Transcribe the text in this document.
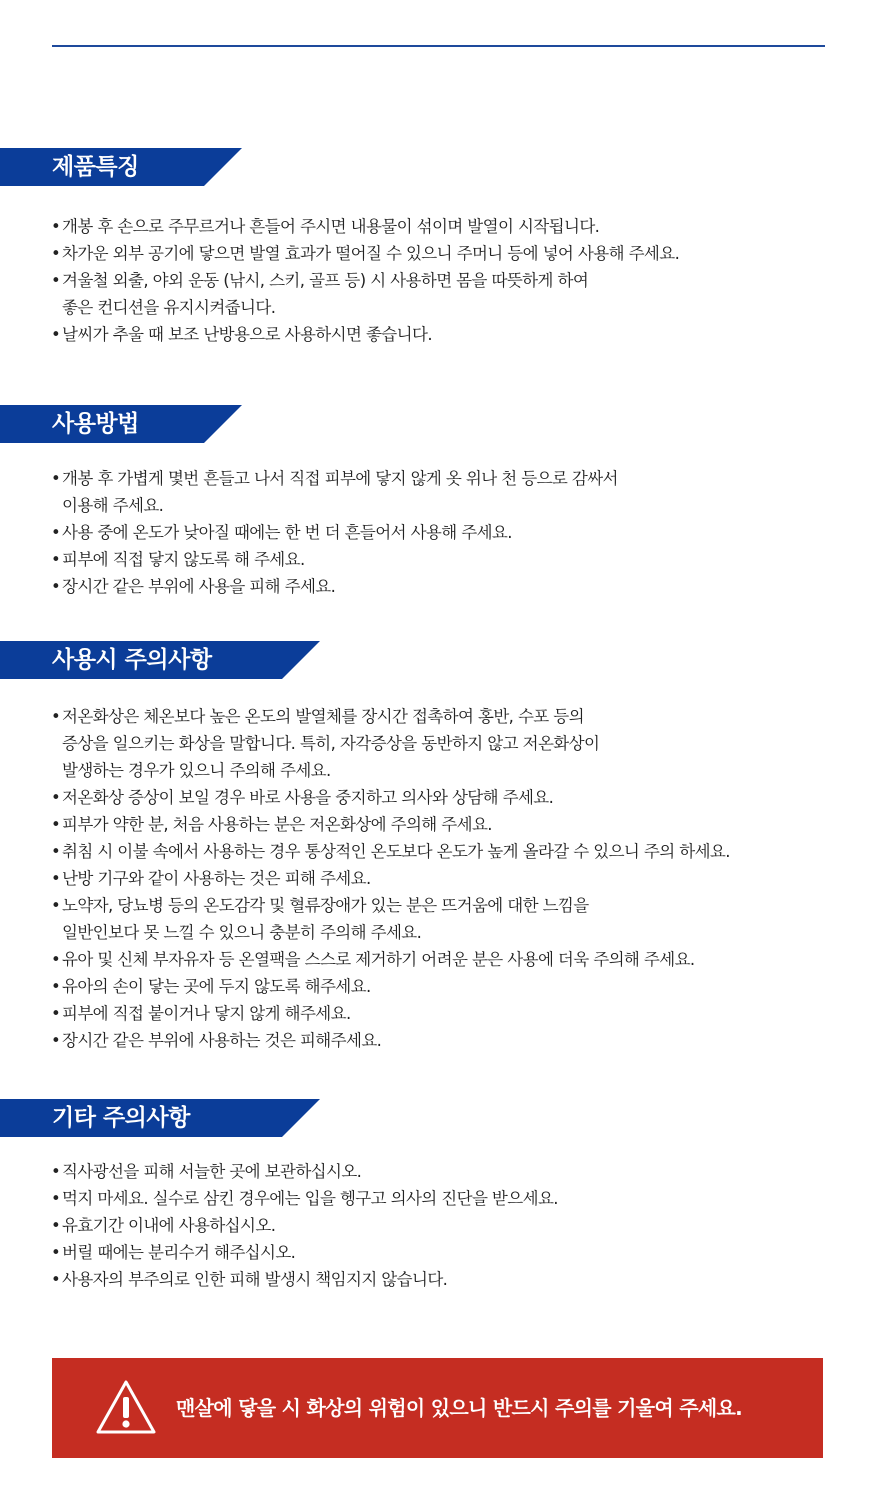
제품특징
• 개봉 후 손으로 주무르거나 흔들어 주시면 내용물이 섞이며 발열이 시작됩니다.
• 차가운 외부 공기에 닿으면 발열 효과가 떨어질 수 있으니 주머니 등에 넣어 사용해 주세요.
• 겨울철 외출, 야외 운동 (낚시, 스키, 골프 등) 시 사용하면 몸을 따뜻하게 하여
좋은 컨디션을 유지시켜줍니다.
• 날씨가 추울 때 보조 난방용으로 사용하시면 좋습니다.
사용방법
• 개봉 후 가볍게 몇번 흔들고 나서 직접 피부에 닿지 않게 옷 위나 천 등으로 감싸서
이용해 주세요.
• 사용 중에 온도가 낮아질 때에는 한 번 더 흔들어서 사용해 주세요.
• 피부에 직접 닿지 않도록 해 주세요.
• 장시간 같은 부위에 사용을 피해 주세요.
사용시 주의사항
• 저온화상은 체온보다 높은 온도의 발열체를 장시간 접촉하여 홍반, 수포 등의
증상을 일으키는 화상을 말합니다. 특히, 자각증상을 동반하지 않고 저온화상이
발생하는 경우가 있으니 주의해 주세요.
• 저온화상 증상이 보일 경우 바로 사용을 중지하고 의사와 상담해 주세요.
• 피부가 약한 분, 처음 사용하는 분은 저온화상에 주의해 주세요.
• 취침 시 이불 속에서 사용하는 경우 통상적인 온도보다 온도가 높게 올라갈 수 있으니 주의 하세요.
• 난방 기구와 같이 사용하는 것은 피해 주세요.
• 노약자, 당뇨병 등의 온도감각 및 혈류장애가 있는 분은 뜨거움에 대한 느낌을
일반인보다 못 느낄 수 있으니 충분히 주의해 주세요.
• 유아 및 신체 부자유자 등 온열팩을 스스로 제거하기 어려운 분은 사용에 더욱 주의해 주세요.
• 유아의 손이 닿는 곳에 두지 않도록 해주세요.
• 피부에 직접 붙이거나 닿지 않게 해주세요.
• 장시간 같은 부위에 사용하는 것은 피해주세요.
기타 주의사항
• 직사광선을 피해 서늘한 곳에 보관하십시오.
• 먹지 마세요. 실수로 삼킨 경우에는 입을 헹구고 의사의 진단을 받으세요.
• 유효기간 이내에 사용하십시오.
• 버릴 때에는 분리수거 해주십시오.
• 사용자의 부주의로 인한 피해 발생시 책임지지 않습니다.
맨살에 닿을 시 화상의 위험이 있으니 반드시 주의를 기울여 주세요.
